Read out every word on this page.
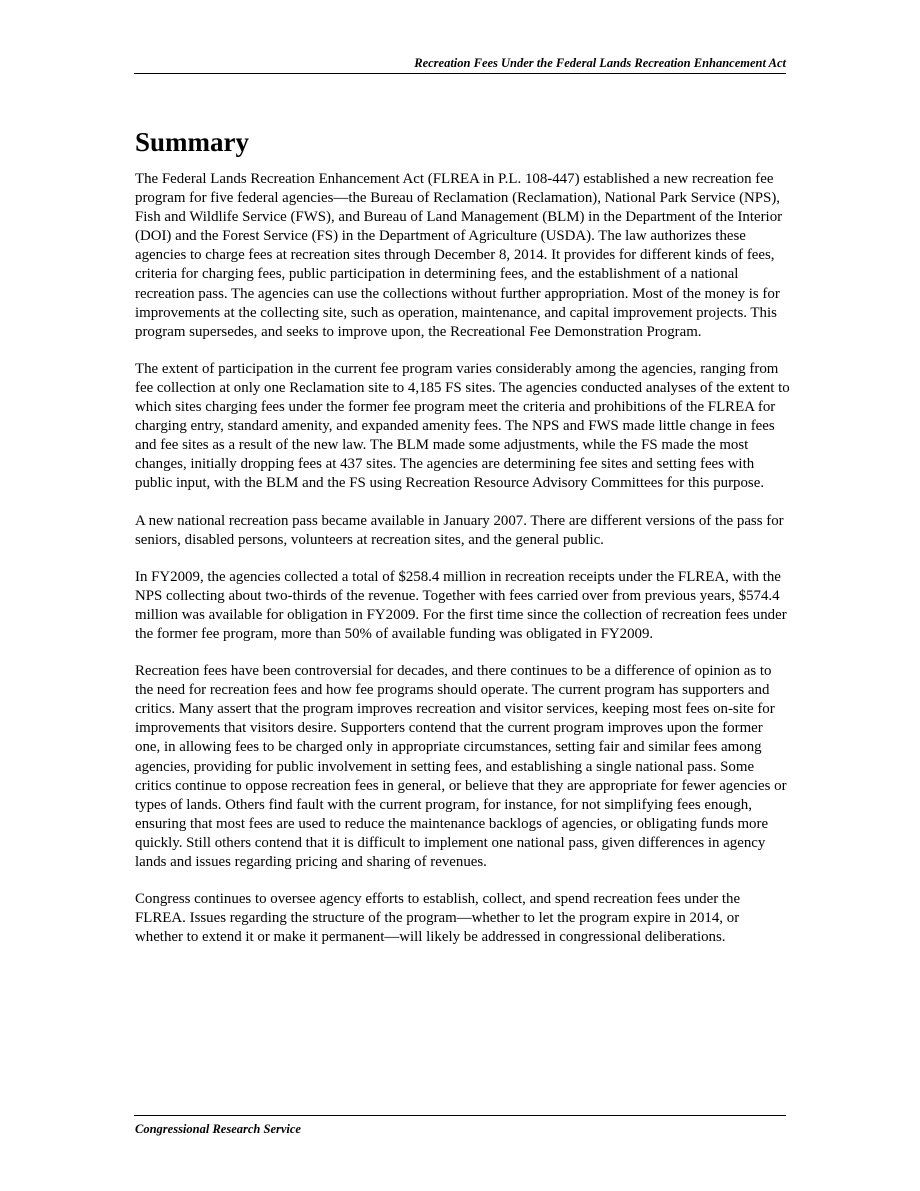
Recreation Fees Under the Federal Lands Recreation Enhancement Act
Summary

The Federal Lands Recreation Enhancement Act (FLREA in P.L. 108-447) established a new recreation fee program for five federal agencies—the Bureau of Reclamation (Reclamation), National Park Service (NPS), Fish and Wildlife Service (FWS), and Bureau of Land Management (BLM) in the Department of the Interior (DOI) and the Forest Service (FS) in the Department of Agriculture (USDA). The law authorizes these agencies to charge fees at recreation sites through December 8, 2014. It provides for different kinds of fees, criteria for charging fees, public participation in determining fees, and the establishment of a national recreation pass. The agencies can use the collections without further appropriation. Most of the money is for improvements at the collecting site, such as operation, maintenance, and capital improvement projects. This program supersedes, and seeks to improve upon, the Recreational Fee Demonstration Program.

The extent of participation in the current fee program varies considerably among the agencies, ranging from fee collection at only one Reclamation site to 4,185 FS sites. The agencies conducted analyses of the extent to which sites charging fees under the former fee program meet the criteria and prohibitions of the FLREA for charging entry, standard amenity, and expanded amenity fees. The NPS and FWS made little change in fees and fee sites as a result of the new law. The BLM made some adjustments, while the FS made the most changes, initially dropping fees at 437 sites. The agencies are determining fee sites and setting fees with public input, with the BLM and the FS using Recreation Resource Advisory Committees for this purpose.

A new national recreation pass became available in January 2007. There are different versions of the pass for seniors, disabled persons, volunteers at recreation sites, and the general public.

In FY2009, the agencies collected a total of $258.4 million in recreation receipts under the FLREA, with the NPS collecting about two-thirds of the revenue. Together with fees carried over from previous years, $574.4 million was available for obligation in FY2009. For the first time since the collection of recreation fees under the former fee program, more than 50% of available funding was obligated in FY2009.

Recreation fees have been controversial for decades, and there continues to be a difference of opinion as to the need for recreation fees and how fee programs should operate. The current program has supporters and critics. Many assert that the program improves recreation and visitor services, keeping most fees on-site for improvements that visitors desire. Supporters contend that the current program improves upon the former one, in allowing fees to be charged only in appropriate circumstances, setting fair and similar fees among agencies, providing for public involvement in setting fees, and establishing a single national pass. Some critics continue to oppose recreation fees in general, or believe that they are appropriate for fewer agencies or types of lands. Others find fault with the current program, for instance, for not simplifying fees enough, ensuring that most fees are used to reduce the maintenance backlogs of agencies, or obligating funds more quickly. Still others contend that it is difficult to implement one national pass, given differences in agency lands and issues regarding pricing and sharing of revenues.

Congress continues to oversee agency efforts to establish, collect, and spend recreation fees under the FLREA. Issues regarding the structure of the program—whether to let the program expire in 2014, or whether to extend it or make it permanent—will likely be addressed in congressional deliberations.

Congressional Research Service
